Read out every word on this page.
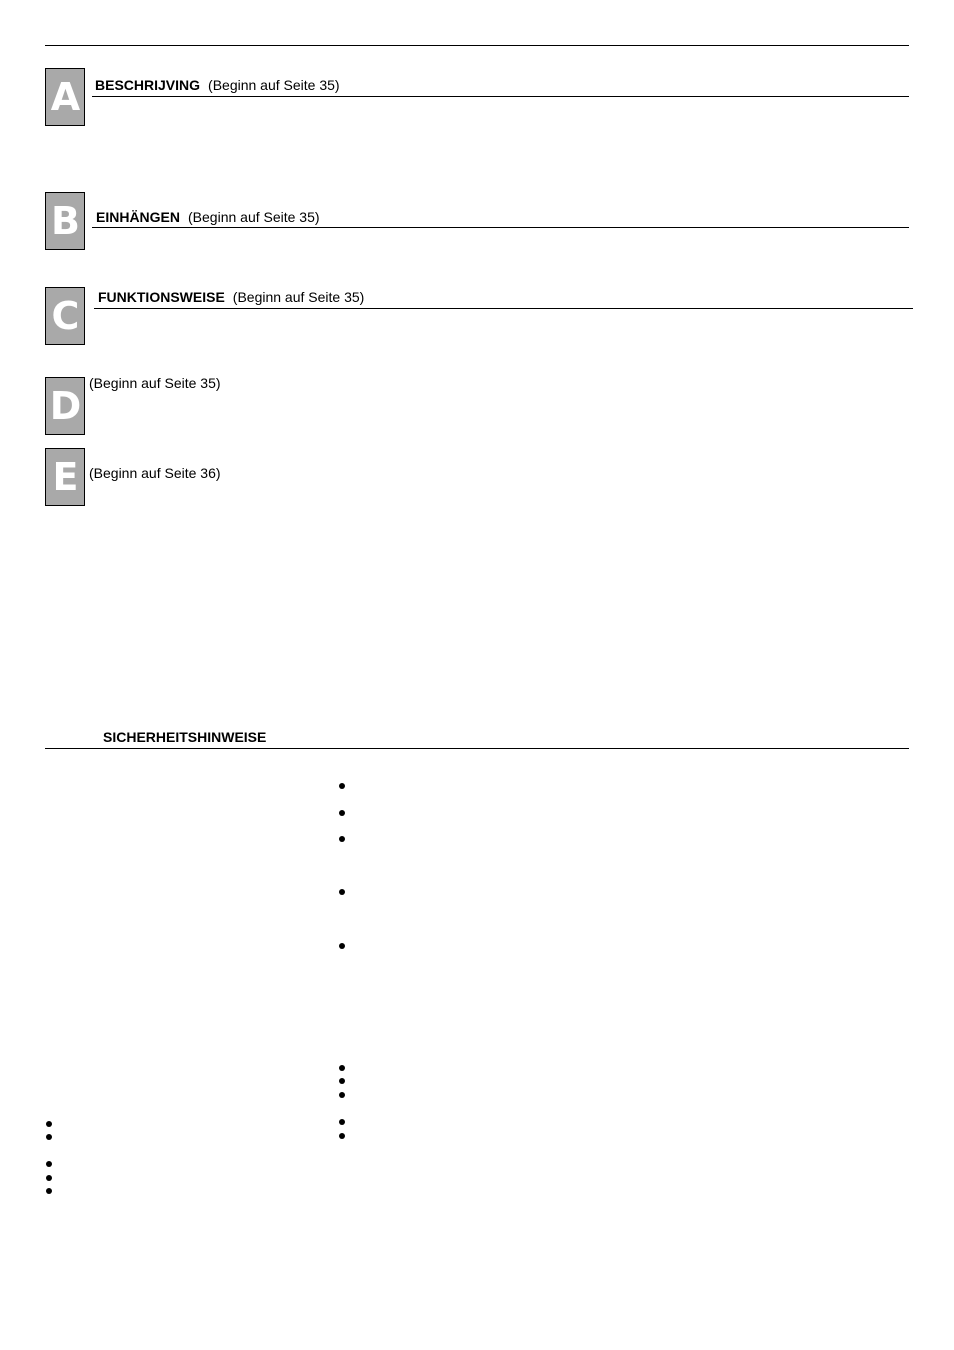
A BESCHRIJVING (Beginn auf Seite 35)
B EINHÄNGEN (Beginn auf Seite 35)
C FUNKTIONSWEISE (Beginn auf Seite 35)
D
(Beginn auf Seite 35)
E (Beginn auf Seite 36)
SICHERHEITSHINWEISE
